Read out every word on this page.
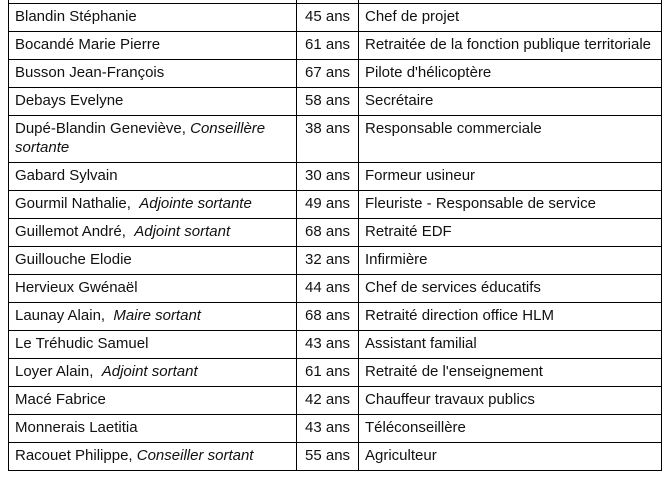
Blandin Stéphanie	45 ans	Chef de projet
Bocandé Marie Pierre	61 ans	Retraitée de la fonction publique territoriale
Busson Jean-François	67 ans	Pilote d'hélicoptère
Debays Evelyne	58 ans	Secrétaire
Dupé-Blandin Geneviève, Conseillère sortante	38 ans	Responsable commerciale
Gabard Sylvain	30 ans	Formeur usineur
Gourmil Nathalie,  Adjointe sortante	49 ans	Fleuriste - Responsable de service
Guillemot André,  Adjoint sortant	68 ans	Retraité EDF
Guillouche Elodie	32 ans	Infirmière
Hervieux Gwénaël	44 ans	Chef de services éducatifs
Launay Alain,  Maire sortant	68 ans	Retraité direction office HLM
Le Tréhudic Samuel	43 ans	Assistant familial
Loyer Alain,  Adjoint sortant	61 ans	Retraité de l'enseignement
Macé Fabrice	42 ans	Chauffeur travaux publics
Monnerais Laetitia	43 ans	Téléconseillère
Racouet Philippe, Conseiller sortant	55 ans	Agriculteur
